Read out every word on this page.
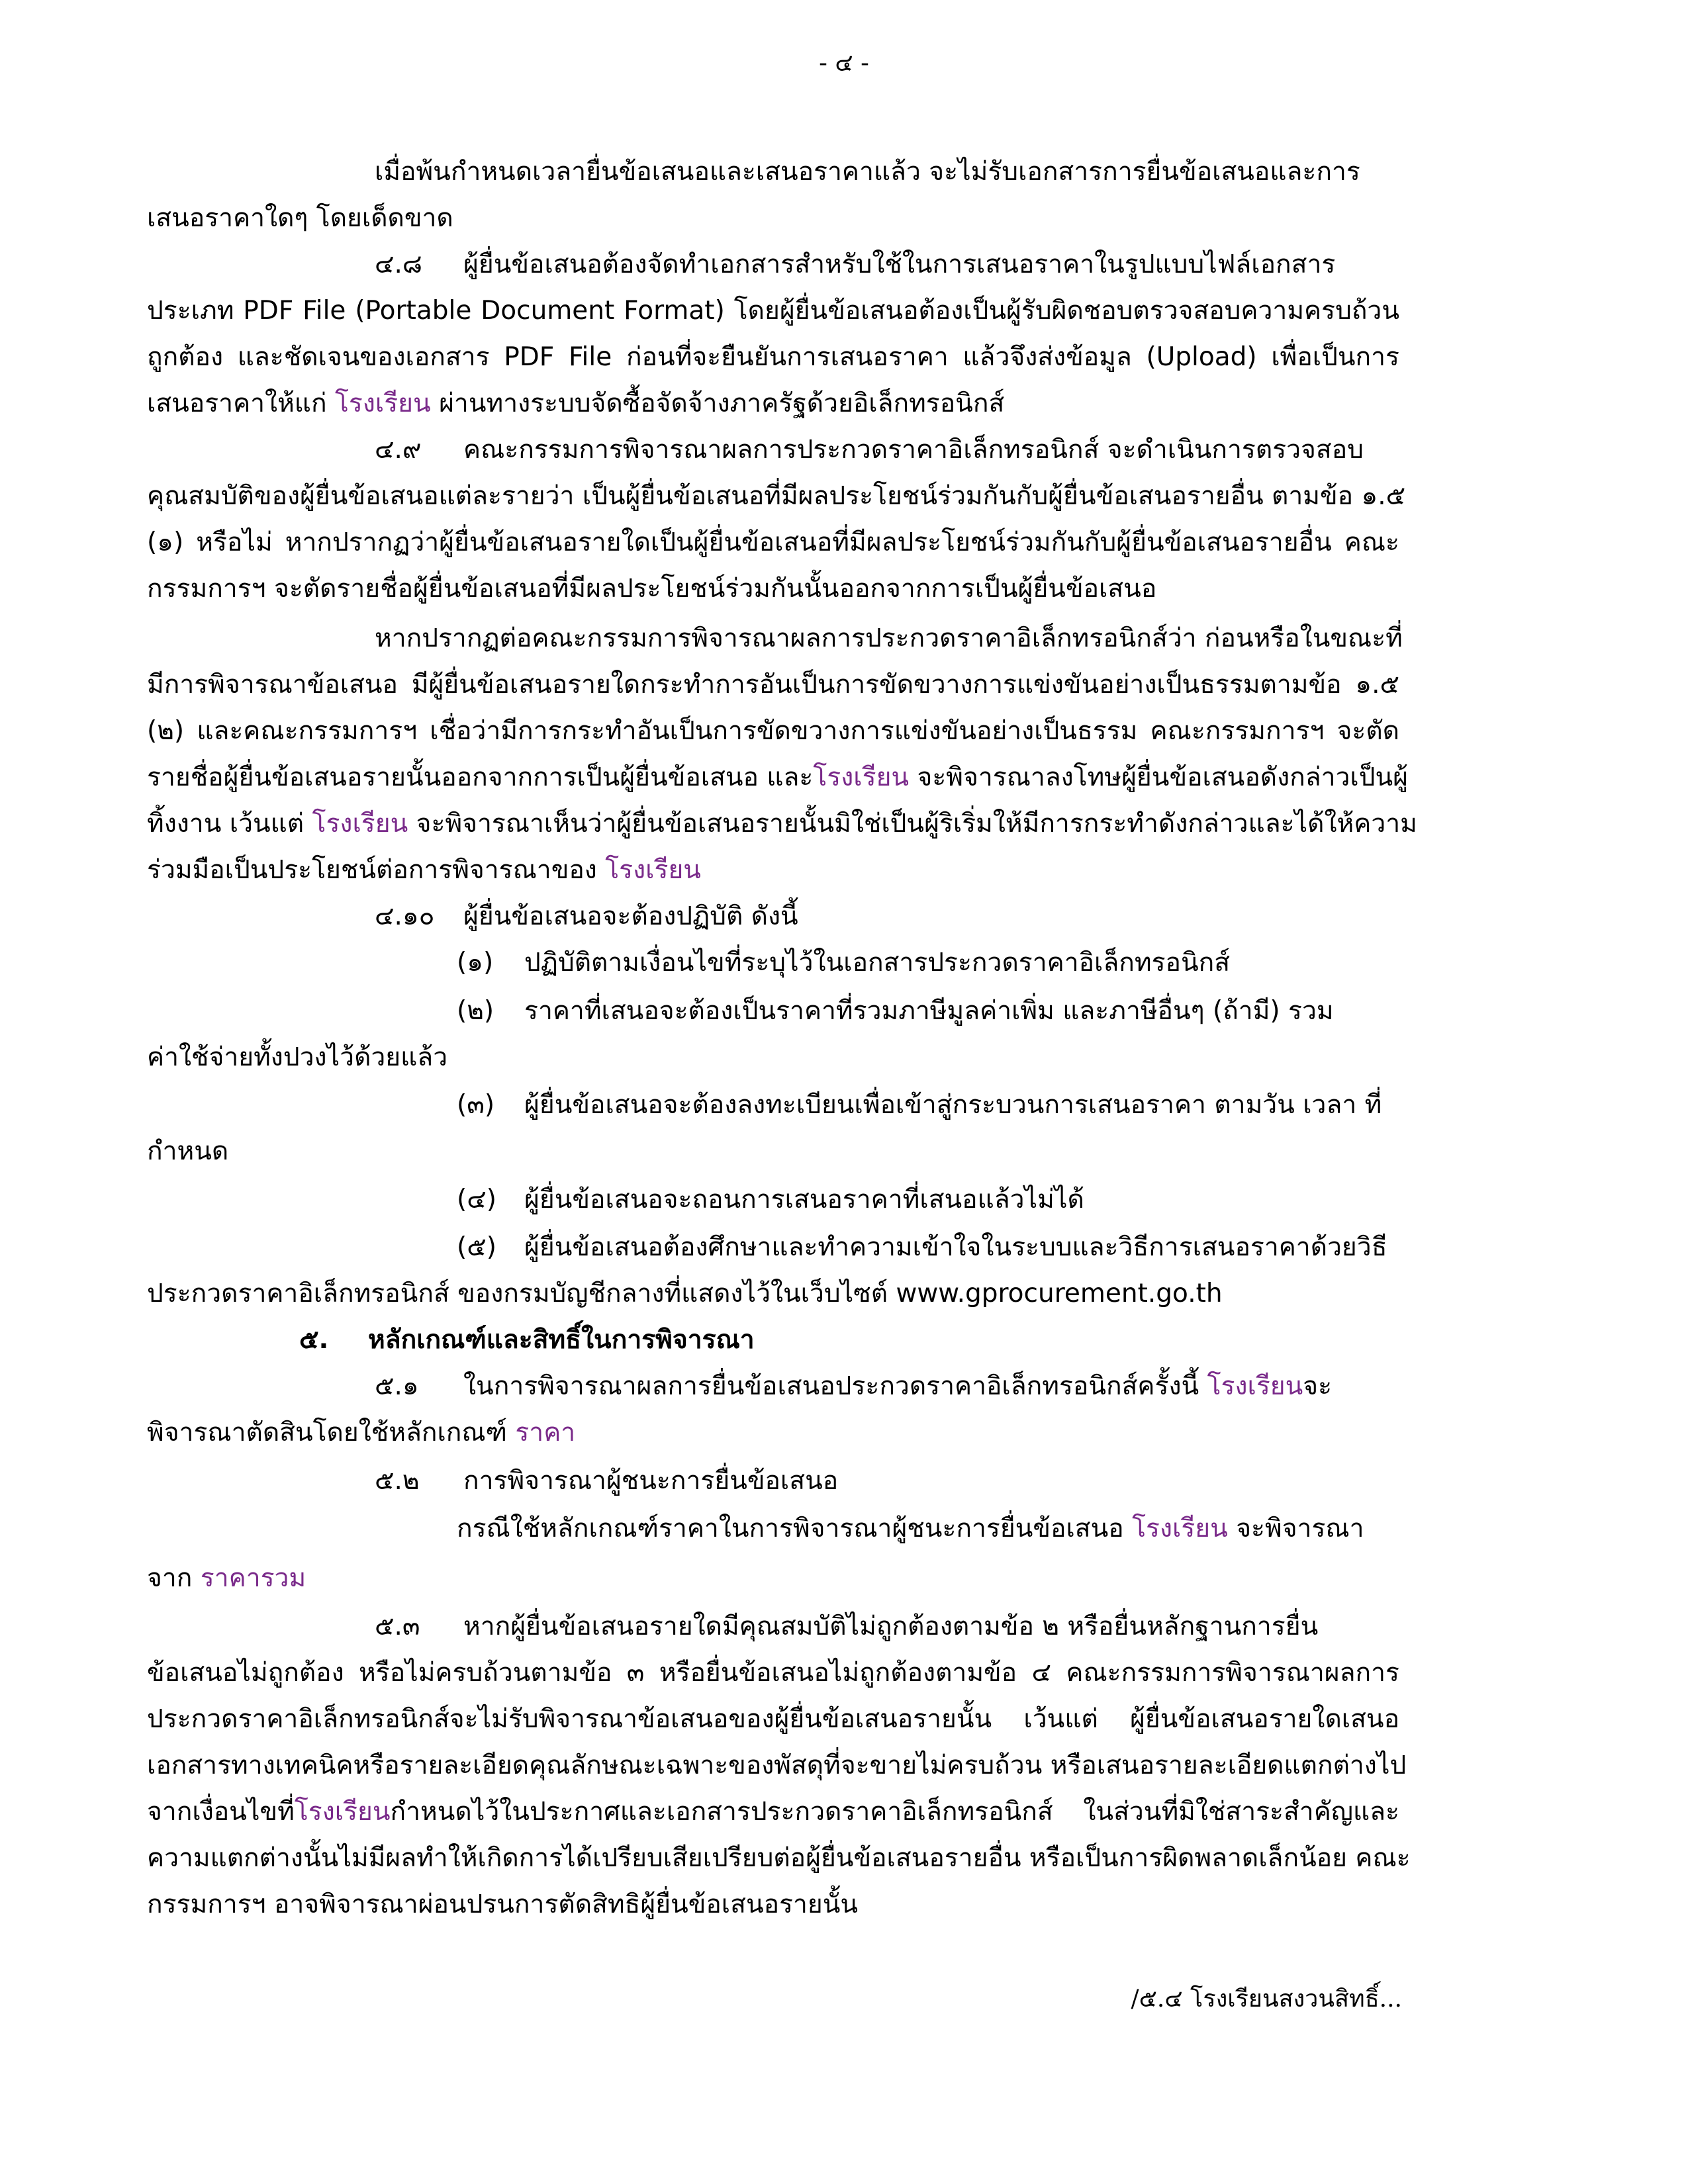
- ๔ -
เมื่อพ้นกำหนดเวลายื่นข้อเสนอและเสนอราคาแล้ว จะไม่รับเอกสารการยื่นข้อเสนอและการ
เสนอราคาใดๆ โดยเด็ดขาด
๔.๘ ผู้ยื่นข้อเสนอต้องจัดทำเอกสารสำหรับใช้ในการเสนอราคาในรูปแบบไฟล์เอกสาร
ประเภท PDF File (Portable Document Format) โดยผู้ยื่นข้อเสนอต้องเป็นผู้รับผิดชอบตรวจสอบความครบถ้วน
ถูกต้อง และชัดเจนของเอกสาร PDF File ก่อนที่จะยืนยันการเสนอราคา แล้วจึงส่งข้อมูล (Upload) เพื่อเป็นการ
เสนอราคาให้แก่ โรงเรียน ผ่านทางระบบจัดซื้อจัดจ้างภาครัฐด้วยอิเล็กทรอนิกส์
๔.๙ คณะกรรมการพิจารณาผลการประกวดราคาอิเล็กทรอนิกส์ จะดำเนินการตรวจสอบ
คุณสมบัติของผู้ยื่นข้อเสนอแต่ละรายว่า เป็นผู้ยื่นข้อเสนอที่มีผลประโยชน์ร่วมกันกับผู้ยื่นข้อเสนอรายอื่น ตามข้อ ๑.๕
(๑) หรือไม่ หากปรากฏว่าผู้ยื่นข้อเสนอรายใดเป็นผู้ยื่นข้อเสนอที่มีผลประโยชน์ร่วมกันกับผู้ยื่นข้อเสนอรายอื่น คณะ
กรรมการฯ จะตัดรายชื่อผู้ยื่นข้อเสนอที่มีผลประโยชน์ร่วมกันนั้นออกจากการเป็นผู้ยื่นข้อเสนอ
หากปรากฏต่อคณะกรรมการพิจารณาผลการประกวดราคาอิเล็กทรอนิกส์ว่า ก่อนหรือในขณะที่
มีการพิจารณาข้อเสนอ มีผู้ยื่นข้อเสนอรายใดกระทำการอันเป็นการขัดขวางการแข่งขันอย่างเป็นธรรมตามข้อ ๑.๕
(๒) และคณะกรรมการฯ เชื่อว่ามีการกระทำอันเป็นการขัดขวางการแข่งขันอย่างเป็นธรรม คณะกรรมการฯ จะตัด
รายชื่อผู้ยื่นข้อเสนอรายนั้นออกจากการเป็นผู้ยื่นข้อเสนอ และโรงเรียน จะพิจารณาลงโทษผู้ยื่นข้อเสนอดังกล่าวเป็นผู้
ทิ้งงาน เว้นแต่ โรงเรียน จะพิจารณาเห็นว่าผู้ยื่นข้อเสนอรายนั้นมิใช่เป็นผู้ริเริ่มให้มีการกระทำดังกล่าวและได้ให้ความ
ร่วมมือเป็นประโยชน์ต่อการพิจารณาของ โรงเรียน
๔.๑๐ ผู้ยื่นข้อเสนอจะต้องปฏิบัติ ดังนี้
(๑) ปฏิบัติตามเงื่อนไขที่ระบุไว้ในเอกสารประกวดราคาอิเล็กทรอนิกส์
(๒) ราคาที่เสนอจะต้องเป็นราคาที่รวมภาษีมูลค่าเพิ่ม และภาษีอื่นๆ (ถ้ามี) รวม
ค่าใช้จ่ายทั้งปวงไว้ด้วยแล้ว
(๓) ผู้ยื่นข้อเสนอจะต้องลงทะเบียนเพื่อเข้าสู่กระบวนการเสนอราคา ตามวัน เวลา ที่
กำหนด
(๔) ผู้ยื่นข้อเสนอจะถอนการเสนอราคาที่เสนอแล้วไม่ได้
(๕) ผู้ยื่นข้อเสนอต้องศึกษาและทำความเข้าใจในระบบและวิธีการเสนอราคาด้วยวิธี
ประกวดราคาอิเล็กทรอนิกส์ ของกรมบัญชีกลางที่แสดงไว้ในเว็บไซต์ www.gprocurement.go.th
๕. หลักเกณฑ์และสิทธิ์ในการพิจารณา
๕.๑ ในการพิจารณาผลการยื่นข้อเสนอประกวดราคาอิเล็กทรอนิกส์ครั้งนี้ โรงเรียนจะ
พิจารณาตัดสินโดยใช้หลักเกณฑ์ ราคา
๕.๒ การพิจารณาผู้ชนะการยื่นข้อเสนอ
กรณีใช้หลักเกณฑ์ราคาในการพิจารณาผู้ชนะการยื่นข้อเสนอ โรงเรียน จะพิจารณา
จาก ราคารวม
๕.๓ หากผู้ยื่นข้อเสนอรายใดมีคุณสมบัติไม่ถูกต้องตามข้อ ๒ หรือยื่นหลักฐานการยื่น
ข้อเสนอไม่ถูกต้อง หรือไม่ครบถ้วนตามข้อ ๓ หรือยื่นข้อเสนอไม่ถูกต้องตามข้อ ๔ คณะกรรมการพิจารณาผลการ
ประกวดราคาอิเล็กทรอนิกส์จะไม่รับพิจารณาข้อเสนอของผู้ยื่นข้อเสนอรายนั้น เว้นแต่ ผู้ยื่นข้อเสนอรายใดเสนอ
เอกสารทางเทคนิคหรือรายละเอียดคุณลักษณะเฉพาะของพัสดุที่จะขายไม่ครบถ้วน หรือเสนอรายละเอียดแตกต่างไป
จากเงื่อนไขที่โรงเรียนกำหนดไว้ในประกาศและเอกสารประกวดราคาอิเล็กทรอนิกส์ ในส่วนที่มิใช่สาระสำคัญและ
ความแตกต่างนั้นไม่มีผลทำให้เกิดการได้เปรียบเสียเปรียบต่อผู้ยื่นข้อเสนอรายอื่น หรือเป็นการผิดพลาดเล็กน้อย คณะ
กรรมการฯ อาจพิจารณาผ่อนปรนการตัดสิทธิผู้ยื่นข้อเสนอรายนั้น
/๕.๔ โรงเรียนสงวนสิทธิ์...
